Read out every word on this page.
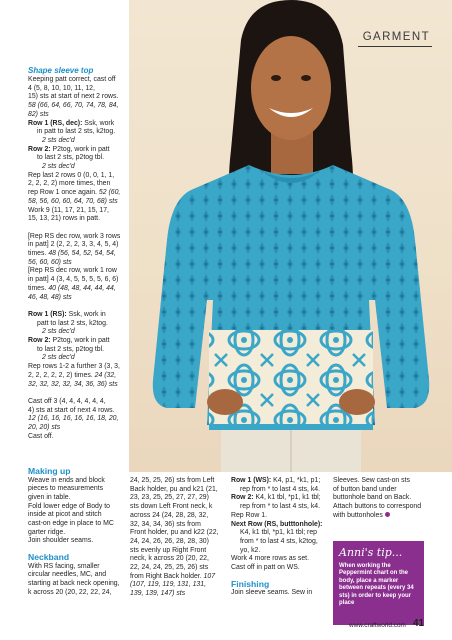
GARMENT

Shape sleeve top

Keeping patt correct, cast off

4 (5, 8, 10, 10, 11, 12,

15) sts at start of next 2 rows.

58 (66, 64, 66, 70, 74, 78, 84,

82) sts

Row 1 (RS, dec): Ssk, work

in patt to last 2 sts, k2tog.

2 sts dec'd

Row 2: P2tog, work in patt

to last 2 sts, p2tog tbl.

2 sts dec'd

Rep last 2 rows 0 (0, 0, 1, 1,

2, 2, 2, 2) more times, then

rep Row 1 once again. 52 (60,

58, 56, 60, 60, 64, 70, 68) sts

Work 9 (11, 17, 21, 15, 17,

15, 13, 21) rows in patt.

[Rep RS dec row, work 3 rows

in patt] 2 (2, 2, 2, 3, 3, 4, 5, 4)

times. 48 (56, 54, 52, 54, 54,

56, 60, 60) sts

[Rep RS dec row, work 1 row

in patt] 4 (3, 4, 5, 5, 5, 5, 6, 6)

times. 40 (48, 48, 44, 44, 44,

46, 48, 48) sts

Row 1 (RS): Ssk, work in

patt to last 2 sts, k2tog.

2 sts dec'd

Row 2: P2tog, work in patt

to last 2 sts, p2tog tbl.

2 sts dec'd

Rep rows 1-2 a further 3 (3, 3,

2, 2, 2, 2, 2, 2) times. 24 (32,

32, 32, 32, 32, 34, 36, 36) sts

Cast off 3 (4, 4, 4, 4, 4, 4,

4) sts at start of next 4 rows.

12 (16, 16, 16, 16, 16, 18, 20,

20, 20) sts

Cast off.

Making up

Weave in ends and block

pieces to measurements

given in table.

Fold lower edge of Body to

inside at picot and stitch

cast-on edge in place to MC

garter ridge.

Join shoulder seams.

Neckband

With RS facing, smaller

circular needles, MC, and

starting at back neck opening,

k across 20 (20, 22, 22, 24,

24, 25, 25, 26) sts from Left

Back holder, pu and k21 (21,

23, 23, 25, 25, 27, 27, 29)

sts down Left Front neck, k

across 24 (24, 28, 28, 32,

32, 34, 34, 36) sts from

Front holder, pu and k22 (22,

24, 24, 26, 26, 28, 28, 30)

sts evenly up Right Front

neck, k across 20 (20, 22,

22, 24, 24, 25, 25, 26) sts

from Right Back holder. 107

(107, 119, 119, 131, 131,

139, 139, 147) sts

Row 1 (WS): K4, p1, *k1, p1;

rep from * to last 4 sts, k4.

Row 2: K4, k1 tbl, *p1, k1 tbl;

rep from * to last 4 sts, k4.

Rep Row 1.

Next Row (RS, butttonhole):

K4, k1 tbl, *p1, k1 tbl; rep

from * to last 4 sts, k2tog,

yo, k2.

Work 4 more rows as set.

Cast off in patt on WS.

Finishing

Join sleeve seams. Sew in

Sleeves. Sew cast-on sts

of button band under

buttonhole band on Back.

Attach buttons to correspond

with buttonholes

Anni's tip...

When working the Peppermint chart on the body, place a marker between repeats (every 34 sts) in order to keep your place

www.craftworld.com 41
